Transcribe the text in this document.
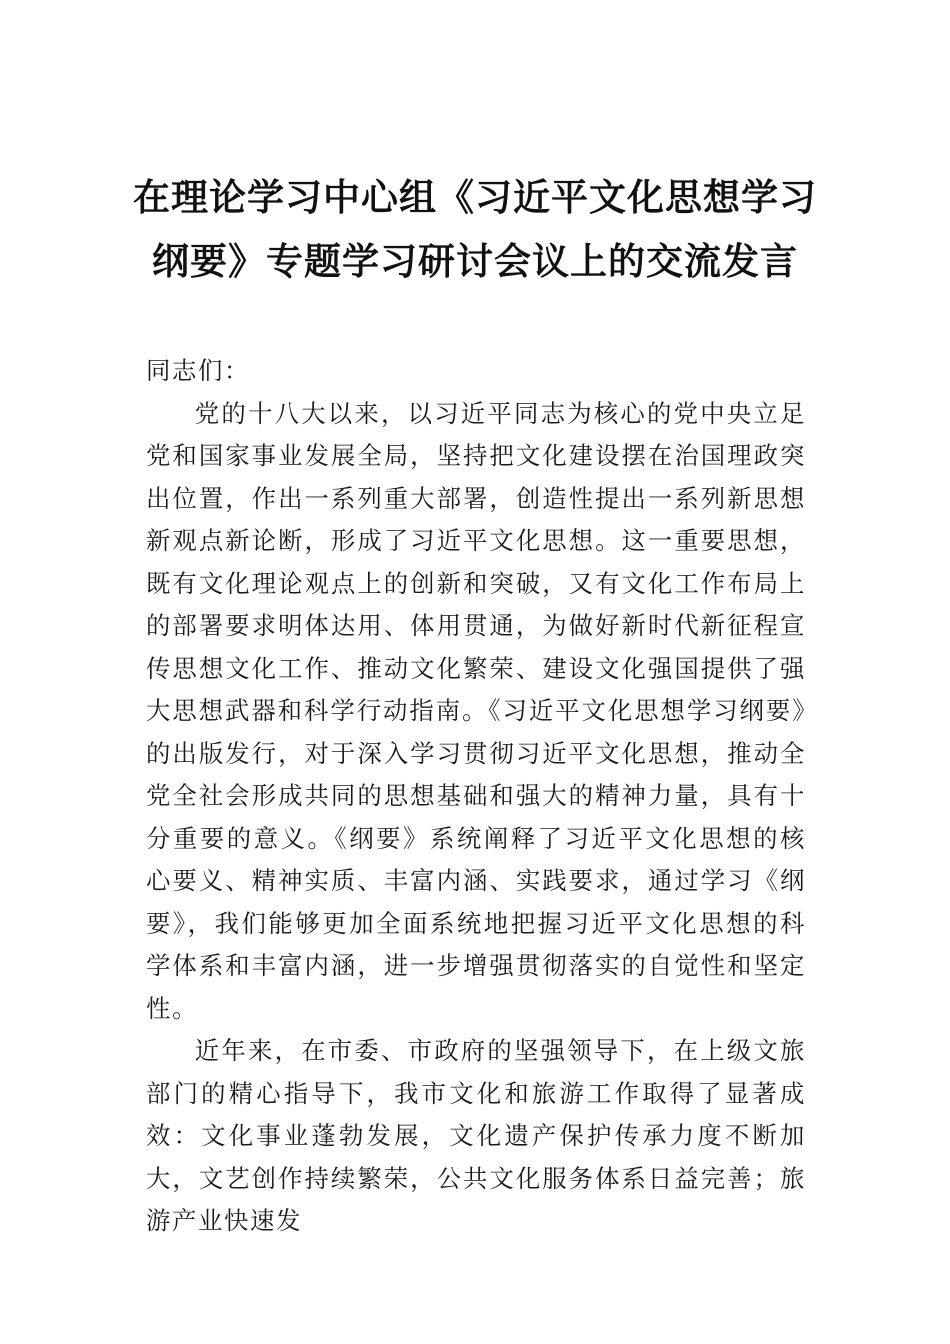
在理论学习中心组《习近平文化思想学习
纲要》专题学习研讨会议上的交流发言

同志们：

党的十八大以来，以习近平同志为核心的党中央立足党和国家事业发展全局，坚持把文化建设摆在治国理政突出位置，作出一系列重大部署，创造性提出一系列新思想新观点新论断，形成了习近平文化思想。这一重要思想，既有文化理论观点上的创新和突破，又有文化工作布局上的部署要求明体达用、体用贯通，为做好新时代新征程宣传思想文化工作、推动文化繁荣、建设文化强国提供了强大思想武器和科学行动指南。《习近平文化思想学习纲要》的出版发行，对于深入学习贯彻习近平文化思想，推动全党全社会形成共同的思想基础和强大的精神力量，具有十分重要的意义。《纲要》系统阐释了习近平文化思想的核心要义、精神实质、丰富内涵、实践要求，通过学习《纲要》，我们能够更加全面系统地把握习近平文化思想的科学体系和丰富内涵，进一步增强贯彻落实的自觉性和坚定性。

近年来，在市委、市政府的坚强领导下，在上级文旅部门的精心指导下，我市文化和旅游工作取得了显著成效：文化事业蓬勃发展，文化遗产保护传承力度不断加大，文艺创作持续繁荣，公共文化服务体系日益完善；旅游产业快速发
